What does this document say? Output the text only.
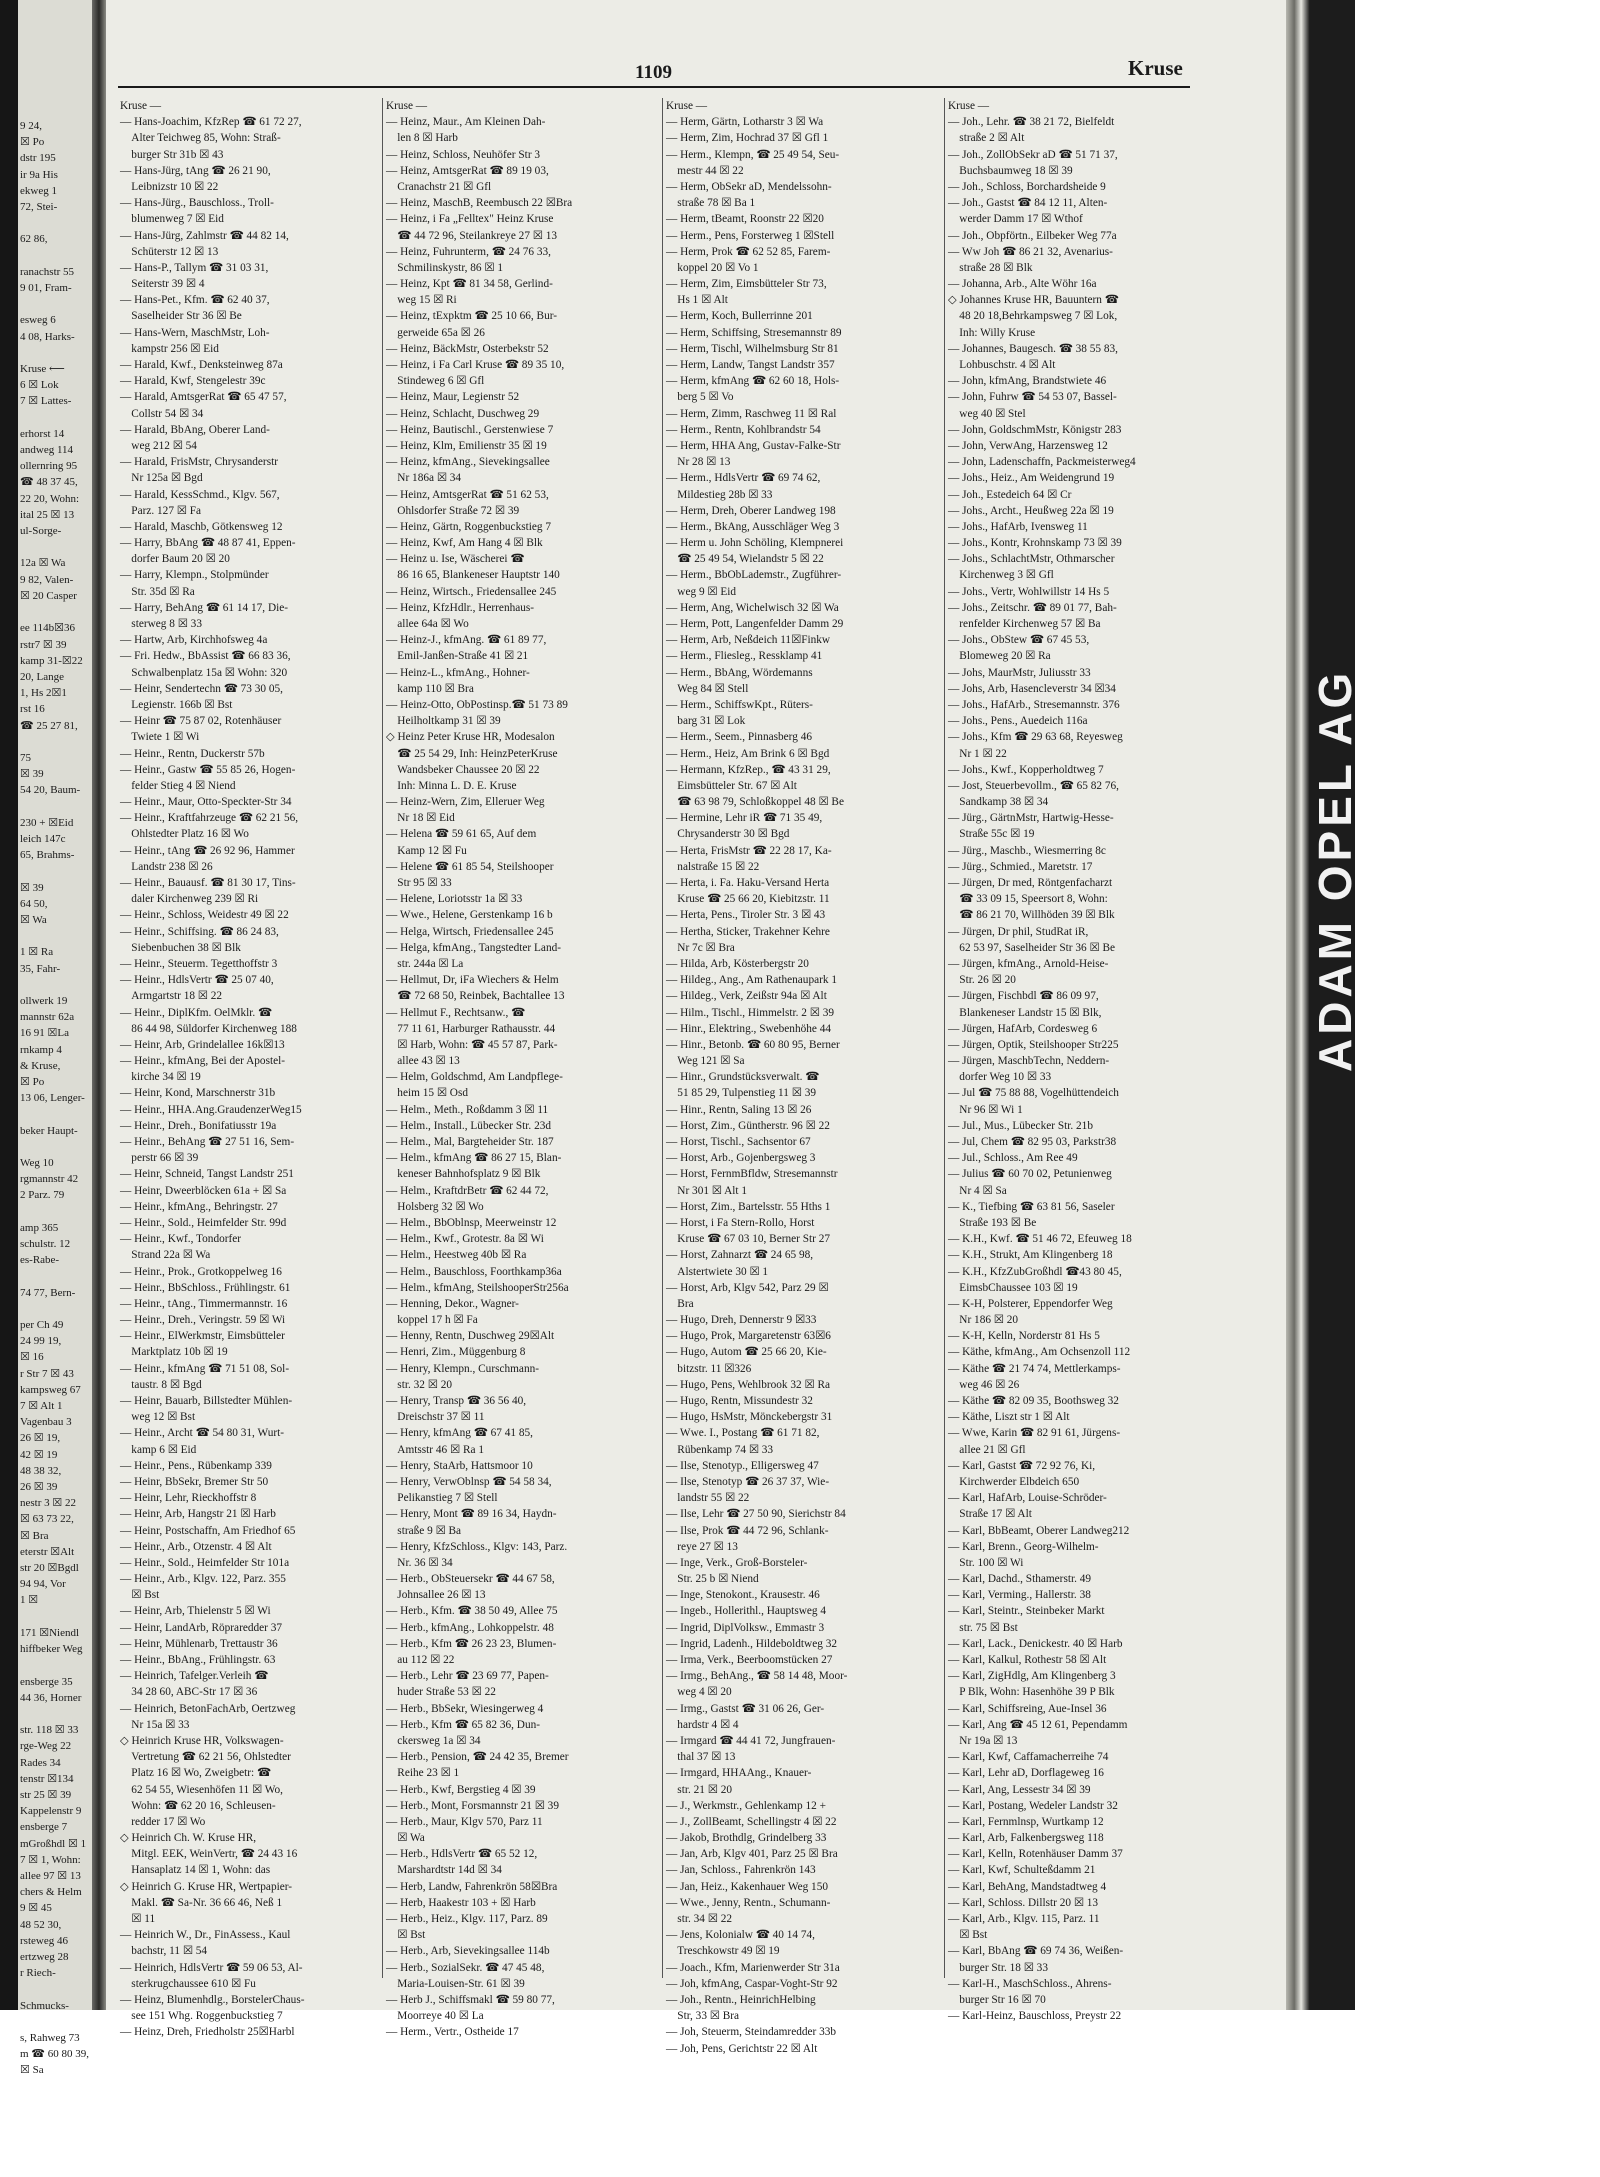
9 24,
☒ Po
dstr 195
ir 9a His
ekweg 1
72, Stei-

62 86,

ranachstr 55
9 01, Fram-

esweg 6
4 08, Harks-

Kruse ⟵
6 ☒ Lok
7 ☒ Lattes-

erhorst 14
andweg 114
ollernring 95
☎ 48 37 45,
22 20, Wohn:
ital 25 ☒ 13
ul-Sorge-

12a ☒ Wa
9 82, Valen-
☒ 20 Casper

ee 114b☒36
rstr7 ☒ 39
kamp 31-☒22
20, Lange
1, Hs 2☒1
rst 16
☎ 25 27 81,

75
☒ 39
54 20, Baum-

230 + ☒Eid
leich 147c
65, Brahms-

☒ 39
64 50,
☒ Wa

1 ☒ Ra
35, Fahr-

ollwerk 19
mannstr 62a
16 91 ☒La
rnkamp 4
& Kruse,
☒ Po
13 06, Lenger-

beker Haupt-

Weg 10
rgmannstr 42
2 Parz. 79

amp 365
schulstr. 12
es-Rabe-

74 77, Bern-

per Ch 49
24 99 19,
☒ 16
r Str 7 ☒ 43
kampsweg 67
7 ☒ Alt 1
Vagenbau 3
26 ☒ 19,
42 ☒ 19
48 38 32,
26 ☒ 39
nestr 3 ☒ 22
☒ 63 73 22,
☒ Bra
eterstr ☒Alt
str 20 ☒Bgdl
94 94, Vor
1 ☒

171 ☒Niendl
hiffbeker Weg

ensberge 35
44 36, Horner

str. 118 ☒ 33
rge-Weg 22
Rades 34
tenstr ☒134
str 25 ☒ 39
Kappelenstr 9
ensberge 7
mGroßhdl ☒ 1
7 ☒ 1, Wohn:
allee 97 ☒ 13
chers & Helm
9 ☒ 45
48 52 30,
rsteweg 46
ertzweg 28
r Riech-

Schmucks-

s, Rahweg 73
m ☎ 60 80 39,
☒ Sa
1109	Kruse
Kruse —
— Hans-Joachim, KfzRep ☎ 61 72 27,
 Alter Teichweg 85, Wohn: Straß-
 burger Str 31b ☒ 43
— Hans-Jürg, tAng ☎ 26 21 90,
 Leibnizstr 10 ☒ 22
— Hans-Jürg., Bauschloss., Troll-
 blumenweg 7 ☒ Eid
— Hans-Jürg, Zahlmstr ☎ 44 82 14,
 Schüterstr 12 ☒ 13
— Hans-P., Tallym ☎ 31 03 31,
 Seiterstr 39 ☒ 4
— Hans-Pet., Kfm. ☎ 62 40 37,
 Saselheider Str 36 ☒ Be
— Hans-Wern, MaschMstr, Loh-
 kampstr 256 ☒ Eid
— Harald, Kwf., Denksteinweg 87a
— Harald, Kwf, Stengelestr 39c
— Harald, AmtsgerRat ☎ 65 47 57,
 Collstr 54 ☒ 34
— Harald, BbAng, Oberer Land-
 weg 212 ☒ 54
— Harald, FrisMstr, Chrysanderstr
 Nr 125a ☒ Bgd
— Harald, KessSchmd., Klgv. 567,
 Parz. 127 ☒ Fa
— Harald, Maschb, Götkensweg 12
— Harry, BbAng ☎ 48 87 41, Eppen-
 dorfer Baum 20 ☒ 20
— Harry, Klempn., Stolpmünder
 Str. 35d ☒ Ra
— Harry, BehAng ☎ 61 14 17, Die-
 sterweg 8 ☒ 33
— Hartw, Arb, Kirchhofsweg 4a
— Fri. Hedw., BbAssist ☎ 66 83 36,
 Schwalbenplatz 15a ☒ Wohn: 320
— Heinr, Sendertechn ☎ 73 30 05,
 Legienstr. 166b ☒ Bst
— Heinr ☎ 75 87 02, Rotenhäuser
 Twiete 1 ☒ Wi
— Heinr., Rentn, Duckerstr 57b
— Heinr., Gastw ☎ 55 85 26, Hogen-
 felder Stieg 4 ☒ Niend
— Heinr., Maur, Otto-Speckter-Str 34
— Heinr., Kraftfahrzeuge ☎ 62 21 56,
 Ohlstedter Platz 16 ☒ Wo
— Heinr., tAng ☎ 26 92 96, Hammer
 Landstr 238 ☒ 26
— Heinr., Bauausf. ☎ 81 30 17, Tins-
 daler Kirchenweg 239 ☒ Ri
— Heinr., Schloss, Weidestr 49 ☒ 22
— Heinr., Schiffsing. ☎ 86 24 83,
 Siebenbuchen 38 ☒ Blk
— Heinr., Steuerm. Tegetthoffstr 3
— Heinr., HdlsVertr ☎ 25 07 40,
 Armgartstr 18 ☒ 22
— Heinr., DiplKfm. OelMklr. ☎
 86 44 98, Süldorfer Kirchenweg 188
— Heinr, Arb, Grindelallee 16k☒13
— Heinr., kfmAng, Bei der Apostel-
 kirche 34 ☒ 19
— Heinr, Kond, Marschnerstr 31b
— Heinr., HHA.Ang.GraudenzerWeg15
— Heinr., Dreh., Bonifatiusstr 19a
— Heinr., BehAng ☎ 27 51 16, Sem-
 perstr 66 ☒ 39
— Heinr, Schneid, Tangst Landstr 251
— Heinr, Dweerblöcken 61a + ☒ Sa
— Heinr., kfmAng., Behringstr. 27
— Heinr., Sold., Heimfelder Str. 99d
— Heinr., Kwf., Tondorfer
 Strand 22a ☒ Wa
— Heinr., Prok., Grotkoppelweg 16
— Heinr., BbSchloss., Frühlingstr. 61
— Heinr., tAng., Timmermannstr. 16
— Heinr., Dreh., Veringstr. 59 ☒ Wi
— Heinr., ElWerkmstr, Eimsbütteler
 Marktplatz 10b ☒ 19
— Heinr., kfmAng ☎ 71 51 08, Sol-
 taustr. 8 ☒ Bgd
— Heinr, Bauarb, Billstedter Mühlen-
 weg 12 ☒ Bst
— Heinr., Archt ☎ 54 80 31, Wurt-
 kamp 6 ☒ Eid
— Heinr., Pens., Rübenkamp 339
— Heinr, BbSekr, Bremer Str 50
— Heinr, Lehr, Rieckhoffstr 8
— Heinr, Arb, Hangstr 21 ☒ Harb
— Heinr, Postschaffn, Am Friedhof 65
— Heinr., Arb., Otzenstr. 4 ☒ Alt
— Heinr., Sold., Heimfelder Str 101a
— Heinr., Arb., Klgv. 122, Parz. 355
 ☒ Bst
— Heinr, Arb, Thielenstr 5 ☒ Wi
— Heinr, LandArb, Röpraredder 37
— Heinr, Mühlenarb, Trettaustr 36
— Heinr., BbAng., Frühlingstr. 63
— Heinrich, Tafelger.Verleih ☎
 34 28 60, ABC-Str 17 ☒ 36
— Heinrich, BetonFachArb, Oertzweg
 Nr 15a ☒ 33
◇ Heinrich Kruse HR, Volkswagen-
 Vertretung ☎ 62 21 56, Ohlstedter
 Platz 16 ☒ Wo, Zweigbetr: ☎
 62 54 55, Wiesenhöfen 11 ☒ Wo,
 Wohn: ☎ 62 20 16, Schleusen-
 redder 17 ☒ Wo
◇ Heinrich Ch. W. Kruse HR,
 Mitgl. EEK, WeinVertr, ☎ 24 43 16
 Hansaplatz 14 ☒ 1, Wohn: das
◇ Heinrich G. Kruse HR, Wertpapier-
 Makl. ☎ Sa-Nr. 36 66 46, Neß 1
 ☒ 11
— Heinrich W., Dr., FinAssess., Kaul
 bachstr, 11 ☒ 54
— Heinrich, HdlsVertr ☎ 59 06 53, Al-
 sterkrugchaussee 610 ☒ Fu
— Heinz, Blumenhdlg., BorstelerChaus-
 see 151 Whg. Roggenbuckstieg 7
— Heinz, Dreh, Friedholstr 25☒Harbl
Kruse —
— Heinz, Maur., Am Kleinen Dah-
 len 8 ☒ Harb
— Heinz, Schloss, Neuhöfer Str 3
— Heinz, AmtsgerRat ☎ 89 19 03,
 Cranachstr 21 ☒ Gfl
— Heinz, MaschB, Reembusch 22 ☒Bra
— Heinz, i Fa „Felltex" Heinz Kruse
 ☎ 44 72 96, Steilankreye 27 ☒ 13
— Heinz, Fuhrunterm, ☎ 24 76 33,
 Schmilinskystr, 86 ☒ 1
— Heinz, Kpt ☎ 81 34 58, Gerlind-
 weg 15 ☒ Ri
— Heinz, tExpktm ☎ 25 10 66, Bur-
 gerweide 65a ☒ 26
— Heinz, BäckMstr, Osterbekstr 52
— Heinz, i Fa Carl Kruse ☎ 89 35 10,
 Stindeweg 6 ☒ Gfl
— Heinz, Maur, Legienstr 52
— Heinz, Schlacht, Duschweg 29
— Heinz, Bautischl., Gerstenwiese 7
— Heinz, Klm, Emilienstr 35 ☒ 19
— Heinz, kfmAng., Sievekingsallee
 Nr 186a ☒ 34
— Heinz, AmtsgerRat ☎ 51 62 53,
 Ohlsdorfer Straße 72 ☒ 39
— Heinz, Gärtn, Roggenbuckstieg 7
— Heinz, Kwf, Am Hang 4 ☒ Blk
— Heinz u. Ise, Wäscherei ☎
 86 16 65, Blankeneser Hauptstr 140
— Heinz, Wirtsch., Friedensallee 245
— Heinz, KfzHdlr., Herrenhaus-
 allee 64a ☒ Wo
— Heinz-J., kfmAng. ☎ 61 89 77,
 Emil-Janßen-Straße 41 ☒ 21
— Heinz-L., kfmAng., Hohner-
 kamp 110 ☒ Bra
— Heinz-Otto, ObPostinsp.☎ 51 73 89
 Heilholtkamp 31 ☒ 39
◇ Heinz Peter Kruse HR, Modesalon
 ☎ 25 54 29, Inh: HeinzPeterKruse
 Wandsbeker Chaussee 20 ☒ 22
 Inh: Minna L. D. E. Kruse
— Heinz-Wern, Zim, Elleruer Weg
 Nr 18 ☒ Eid
— Helena ☎ 59 61 65, Auf dem
 Kamp 12 ☒ Fu
— Helene ☎ 61 85 54, Steilshooper
 Str 95 ☒ 33
— Helene, Loriotsstr 1a ☒ 33
— Wwe., Helene, Gerstenkamp 16 b
— Helga, Wirtsch, Friedensallee 245
— Helga, kfmAng., Tangstedter Land-
 str. 244a ☒ La
— Hellmut, Dr, iFa Wiechers & Helm
 ☎ 72 68 50, Reinbek, Bachtallee 13
— Hellmut F., Rechtsanw., ☎
 77 11 61, Harburger Rathausstr. 44
 ☒ Harb, Wohn: ☎ 45 57 87, Park-
 allee 43 ☒ 13
— Helm, Goldschmd, Am Landpflege-
 heim 15 ☒ Osd
— Helm., Meth., Roßdamm 3 ☒ 11
— Helm., Install., Lübecker Str. 23d
— Helm., Mal, Bargteheider Str. 187
— Helm., kfmAng ☎ 86 27 15, Blan-
 keneser Bahnhofsplatz 9 ☒ Blk
— Helm., KraftdrBetr ☎ 62 44 72,
 Holsberg 32 ☒ Wo
— Helm., BbOblnsp, Meerweinstr 12
— Helm., Kwf., Grotestr. 8a ☒ Wi
— Helm., Heestweg 40b ☒ Ra
— Helm., Bauschloss, Foorthkamp36a
— Helm., kfmAng, SteilshooperStr256a
— Henning, Dekor., Wagner-
 koppel 17 h ☒ Fa
— Henny, Rentn, Duschweg 29☒Alt
— Henri, Zim., Müggenburg 8
— Henry, Klempn., Curschmann-
 str. 32 ☒ 20
— Henry, Transp ☎ 36 56 40,
 Dreischstr 37 ☒ 11
— Henry, kfmAng ☎ 67 41 85,
 Amtsstr 46 ☒ Ra 1
— Henry, StaArb, Hattsmoor 10
— Henry, VerwOblnsp ☎ 54 58 34,
 Pelikanstieg 7 ☒ Stell
— Henry, Mont ☎ 89 16 34, Haydn-
 straße 9 ☒ Ba
— Henry, KfzSchloss., Klgv: 143, Parz.
 Nr. 36 ☒ 34
— Herb., ObSteuersekr ☎ 44 67 58,
 Johnsallee 26 ☒ 13
— Herb., Kfm. ☎ 38 50 49, Allee 75
— Herb., kfmAng., Lohkoppelstr. 48
— Herb., Kfm ☎ 26 23 23, Blumen-
 au 112 ☒ 22
— Herb., Lehr ☎ 23 69 77, Papen-
 huder Straße 53 ☒ 22
— Herb., BbSekr, Wiesingerweg 4
— Herb., Kfm ☎ 65 82 36, Dun-
 ckersweg 1a ☒ 34
— Herb., Pension, ☎ 24 42 35, Bremer
 Reihe 23 ☒ 1
— Herb., Kwf, Bergstieg 4 ☒ 39
— Herb., Mont, Forsmannstr 21 ☒ 39
— Herb., Maur, Klgv 570, Parz 11
 ☒ Wa
— Herb., HdlsVertr ☎ 65 52 12,
 Marshardtstr 14d ☒ 34
— Herb, Landw, Fahrenkrön 58☒Bra
— Herb, Haakestr 103 + ☒ Harb
— Herb., Heiz., Klgv. 117, Parz. 89
 ☒ Bst
— Herb., Arb, Sievekingsallee 114b
— Herb., SozialSekr. ☎ 47 45 48,
 Maria-Louisen-Str. 61 ☒ 39
— Herb J., Schiffsmakl ☎ 59 80 77,
 Moorreye 40 ☒ La
— Herm., Vertr., Ostheide 17
Kruse —
— Herm, Gärtn, Lotharstr 3 ☒ Wa
— Herm, Zim, Hochrad 37 ☒ Gfl 1
— Herm., Klempn, ☎ 25 49 54, Seu-
 mestr 44 ☒ 22
— Herm, ObSekr aD, Mendelssohn-
 straße 78 ☒ Ba 1
— Herm, tBeamt, Roonstr 22 ☒20
— Herm., Pens, Forsterweg 1 ☒Stell
— Herm, Prok ☎ 62 52 85, Farem-
 koppel 20 ☒ Vo 1
— Herm, Zim, Eimsbütteler Str 73,
 Hs 1 ☒ Alt
— Herm, Koch, Bullerrinne 201
— Herm, Schiffsing, Stresemannstr 89
— Herm, Tischl, Wilhelmsburg Str 81
— Herm, Landw, Tangst Landstr 357
— Herm, kfmAng ☎ 62 60 18, Hols-
 berg 5 ☒ Vo
— Herm, Zimm, Raschweg 11 ☒ Ral
— Herm., Rentn, Kohlbrandstr 54
— Herm, HHA Ang, Gustav-Falke-Str
 Nr 28 ☒ 13
— Herm., HdlsVertr ☎ 69 74 62,
 Mildestieg 28b ☒ 33
— Herm, Dreh, Oberer Landweg 198
— Herm., BkAng, Ausschläger Weg 3
— Herm u. John Schöling, Klempnerei
 ☎ 25 49 54, Wielandstr 5 ☒ 22
— Herm., BbObLademstr., Zugführer-
 weg 9 ☒ Eid
— Herm, Ang, Wichelwisch 32 ☒ Wa
— Herm, Pott, Langenfelder Damm 29
— Herm, Arb, Neßdeich 11☒Finkw
— Herm., Fliesleg., Ressklamp 41
— Herm., BbAng, Wördemanns
 Weg 84 ☒ Stell
— Herm., SchiffswKpt., Rüters-
 barg 31 ☒ Lok
— Herm., Seem., Pinnasberg 46
— Herm., Heiz, Am Brink 6 ☒ Bgd
— Hermann, KfzRep., ☎ 43 31 29,
 Eimsbütteler Str. 67 ☒ Alt
 ☎ 63 98 79, Schloßkoppel 48 ☒ Be
— Hermine, Lehr iR ☎ 71 35 49,
 Chrysanderstr 30 ☒ Bgd
— Herta, FrisMstr ☎ 22 28 17, Ka-
 nalstraße 15 ☒ 22
— Herta, i. Fa. Haku-Versand Herta
 Kruse ☎ 25 66 20, Kiebitzstr. 11
— Herta, Pens., Tiroler Str. 3 ☒ 43
— Hertha, Sticker, Trakehner Kehre
 Nr 7c ☒ Bra
— Hilda, Arb, Kösterbergstr 20
— Hildeg., Ang., Am Rathenaupark 1
— Hildeg., Verk, Zeißstr 94a ☒ Alt
— Hilm., Tischl., Himmelstr. 2 ☒ 39
— Hinr., Elektring., Swebenhöhe 44
— Hinr., Betonb. ☎ 60 80 95, Berner
 Weg 121 ☒ Sa
— Hinr., Grundstücksverwalt. ☎
 51 85 29, Tulpenstieg 11 ☒ 39
— Hinr., Rentn, Saling 13 ☒ 26
— Horst, Zim., Güntherstr. 96 ☒ 22
— Horst, Tischl., Sachsentor 67
— Horst, Arb., Gojenbergsweg 3
— Horst, FernmBfldw, Stresemannstr
 Nr 301 ☒ Alt 1
— Horst, Zim., Bartelsstr. 55 Hths 1
— Horst, i Fa Stern-Rollo, Horst
 Kruse ☎ 67 03 10, Berner Str 27
— Horst, Zahnarzt ☎ 24 65 98,
 Alstertwiete 30 ☒ 1
— Horst, Arb, Klgv 542, Parz 29 ☒
 Bra
— Hugo, Dreh, Dennerstr 9 ☒33
— Hugo, Prok, Margaretenstr 63☒6
— Hugo, Autom ☎ 25 66 20, Kie-
 bitzstr. 11 ☒326
— Hugo, Pens, Wehlbrook 32 ☒ Ra
— Hugo, Rentn, Missundestr 32
— Hugo, HsMstr, Mönckebergstr 31
— Wwe. I., Postang ☎ 61 71 82,
 Rübenkamp 74 ☒ 33
— Ilse, Stenotyp., Elligersweg 47
— Ilse, Stenotyp ☎ 26 37 37, Wie-
 landstr 55 ☒ 22
— Ilse, Lehr ☎ 27 50 90, Sierichstr 84
— Ilse, Prok ☎ 44 72 96, Schlank-
 reye 27 ☒ 13
— Inge, Verk., Groß-Borsteler-
 Str. 25 b ☒ Niend
— Inge, Stenokont., Krausestr. 46
— Ingeb., Hollerithl., Hauptsweg 4
— Ingrid, DiplVolksw., Emmastr 3
— Ingrid, Ladenh., Hildeboldtweg 32
— Irma, Verk., Beerboomstücken 27
— Irmg., BehAng., ☎ 58 14 48, Moor-
 weg 4 ☒ 20
— Irmg., Gastst ☎ 31 06 26, Ger-
 hardstr 4 ☒ 4
— Irmgard ☎ 44 41 72, Jungfrauen-
 thal 37 ☒ 13
— Irmgard, HHAAng., Knauer-
 str. 21 ☒ 20
— J., Werkmstr., Gehlenkamp 12 +
— J., ZollBeamt, Schellingstr 4 ☒ 22
— Jakob, Brothdlg, Grindelberg 33
— Jan, Arb, Klgv 401, Parz 25 ☒ Bra
— Jan, Schloss., Fahrenkrön 143
— Jan, Heiz., Kakenhauer Weg 150
— Wwe., Jenny, Rentn., Schumann-
 str. 34 ☒ 22
— Jens, Kolonialw ☎ 40 14 74,
 Treschkowstr 49 ☒ 19
— Joach., Kfm, Marienwerder Str 31a
— Joh, kfmAng, Caspar-Voght-Str 92
— Joh., Rentn., HeinrichHelbing
 Str, 33 ☒ Bra
— Joh, Steuerm, Steindamredder 33b
— Joh, Pens, Gerichtstr 22 ☒ Alt
Kruse —
— Joh., Lehr. ☎ 38 21 72, Bielfeldt
 straße 2 ☒ Alt
— Joh., ZollObSekr aD ☎ 51 71 37,
 Buchsbaumweg 18 ☒ 39
— Joh., Schloss, Borchardsheide 9
— Joh., Gastst ☎ 84 12 11, Alten-
 werder Damm 17 ☒ Wthof
— Joh., Obpförtn., Eilbeker Weg 77a
— Ww Joh ☎ 86 21 32, Avenarius-
 straße 28 ☒ Blk
— Johanna, Arb., Alte Wöhr 16a
◇ Johannes Kruse HR, Bauuntern ☎
 48 20 18,Behrkampsweg 7 ☒ Lok,
 Inh: Willy Kruse
— Johannes, Baugesch. ☎ 38 55 83,
 Lohbuschstr. 4 ☒ Alt
— John, kfmAng, Brandstwiete 46
— John, Fuhrw ☎ 54 53 07, Bassel-
 weg 40 ☒ Stel
— John, GoldschmMstr, Königstr 283
— John, VerwAng, Harzensweg 12
— John, Ladenschaffn, Packmeisterweg4
— Johs., Heiz., Am Weidengrund 19
— Joh., Estedeich 64 ☒ Cr
— Johs., Archt., Heußweg 22a ☒ 19
— Johs., HafArb, Ivensweg 11
— Johs., Kontr, Krohnskamp 73 ☒ 39
— Johs., SchlachtMstr, Othmarscher
 Kirchenweg 3 ☒ Gfl
— Johs., Vertr, Wohlwillstr 14 Hs 5
— Johs., Zeitschr. ☎ 89 01 77, Bah-
 renfelder Kirchenweg 57 ☒ Ba
— Johs., ObStew ☎ 67 45 53,
 Blomeweg 20 ☒ Ra
— Johs, MaurMstr, Juliusstr 33
— Johs, Arb, Hasencleverstr 34 ☒34
— Johs., HafArb., Stresemannstr. 376
— Johs., Pens., Auedeich 116a
— Johs., Kfm ☎ 29 63 68, Reyesweg
 Nr 1 ☒ 22
— Johs., Kwf., Kopperholdtweg 7
— Jost, Steuerbevollm., ☎ 65 82 76,
 Sandkamp 38 ☒ 34
— Jürg., GärtnMstr, Hartwig-Hesse-
 Straße 55c ☒ 19
— Jürg., Maschb., Wiesmerring 8c
— Jürg., Schmied., Maretstr. 17
— Jürgen, Dr med, Röntgenfacharzt
 ☎ 33 09 15, Speersort 8, Wohn:
 ☎ 86 21 70, Willhöden 39 ☒ Blk
— Jürgen, Dr phil, StudRat iR,
 62 53 97, Saselheider Str 36 ☒ Be
— Jürgen, kfmAng., Arnold-Heise-
 Str. 26 ☒ 20
— Jürgen, Fischbdl ☎ 86 09 97,
 Blankeneser Landstr 15 ☒ Blk,
— Jürgen, HafArb, Cordesweg 6
— Jürgen, Optik, Steilshooper Str225
— Jürgen, MaschbTechn, Neddern-
 dorfer Weg 10 ☒ 33
— Jul ☎ 75 88 88, Vogelhüttendeich
 Nr 96 ☒ Wi 1
— Jul., Mus., Lübecker Str. 21b
— Jul, Chem ☎ 82 95 03, Parkstr38
— Jul., Schloss., Am Ree 49
— Julius ☎ 60 70 02, Petunienweg
 Nr 4 ☒ Sa
— K., Tiefbing ☎ 63 81 56, Saseler
 Straße 193 ☒ Be
— K.H., Kwf. ☎ 51 46 72, Efeuweg 18
— K.H., Strukt, Am Klingenberg 18
— K.H., KfzZubGroßhdl ☎43 80 45,
 EimsbChaussee 103 ☒ 19
— K-H, Polsterer, Eppendorfer Weg
 Nr 186 ☒ 20
— K-H, Kelln, Norderstr 81 Hs 5
— Käthe, kfmAng., Am Ochsenzoll 112
— Käthe ☎ 21 74 74, Mettlerkamps-
 weg 46 ☒ 26
— Käthe ☎ 82 09 35, Boothsweg 32
— Käthe, Liszt str 1 ☒ Alt
— Wwe, Karin ☎ 82 91 61, Jürgens-
 allee 21 ☒ Gfl
— Karl, Gastst ☎ 72 92 76, Ki,
 Kirchwerder Elbdeich 650
— Karl, HafArb, Louise-Schröder-
 Straße 17 ☒ Alt
— Karl, BbBeamt, Oberer Landweg212
— Karl, Brenn., Georg-Wilhelm-
 Str. 100 ☒ Wi
— Karl, Dachd., Sthamerstr. 49
— Karl, Verming., Hallerstr. 38
— Karl, Steintr., Steinbeker Markt
 str. 75 ☒ Bst
— Karl, Lack., Denickestr. 40 ☒ Harb
— Karl, Kalkul, Rothestr 58 ☒ Alt
— Karl, ZigHdlg, Am Klingenberg 3
 P Blk, Wohn: Hasenhöhe 39 P Blk
— Karl, Schiffsreing, Aue-Insel 36
— Karl, Ang ☎ 45 12 61, Pependamm
 Nr 19a ☒ 13
— Karl, Kwf, Caffamacherreihe 74
— Karl, Lehr aD, Dorflageweg 16
— Karl, Ang, Lessestr 34 ☒ 39
— Karl, Postang, Wedeler Landstr 32
— Karl, Fernmlnsp, Wurtkamp 12
— Karl, Arb, Falkenbergsweg 118
— Karl, Kelln, Rotenhäuser Damm 37
— Karl, Kwf, Schulteßdamm 21
— Karl, BehAng, Mandstadtweg 4
— Karl, Schloss. Dillstr 20 ☒ 13
— Karl, Arb., Klgv. 115, Parz. 11
 ☒ Bst
— Karl, BbAng ☎ 69 74 36, Weißen-
 burger Str. 18 ☒ 33
— Karl-H., MaschSchloss., Ahrens-
 burger Str 16 ☒ 70
— Karl-Heinz, Bauschloss, Preystr 22
ADAM OPEL AG
